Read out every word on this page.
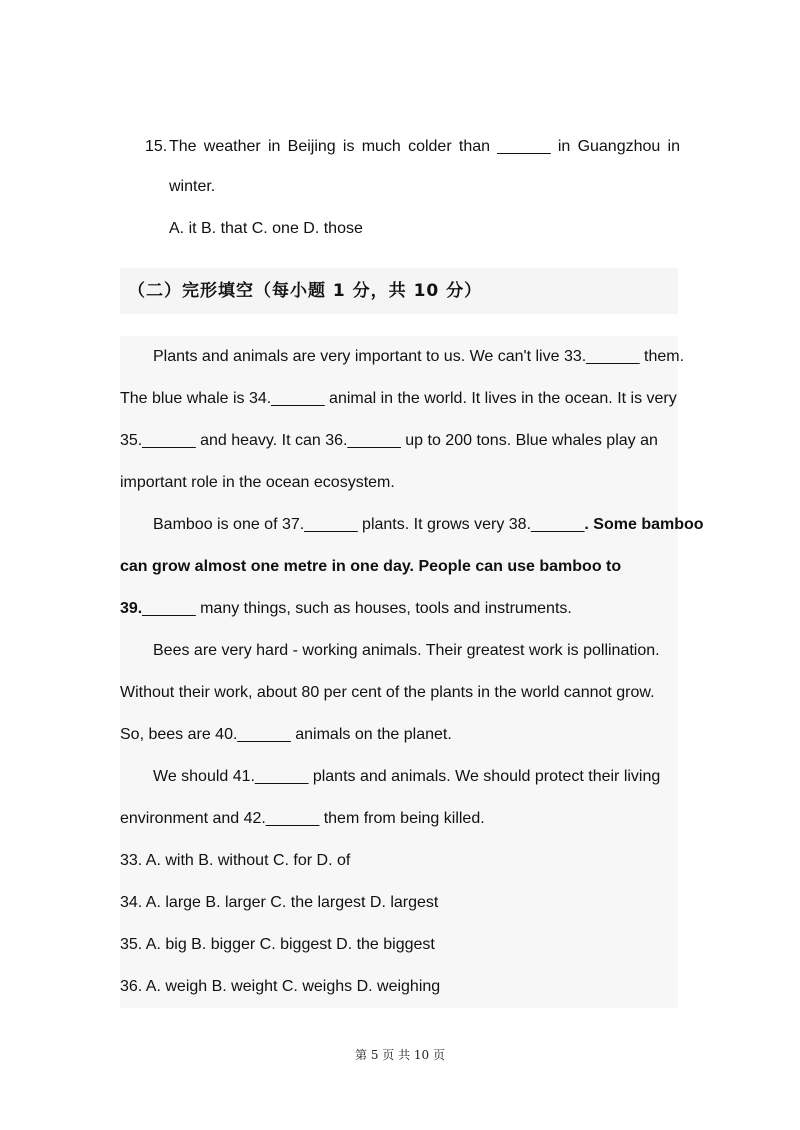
15. The weather in Beijing is much colder than ______ in Guangzhou in
winter.
A. it B. that C. one D. those
（二）完形填空（每小题 1 分，共 10 分）
Plants and animals are very important to us. We can't live 33.______ them.
The blue whale is 34.______ animal in the world. It lives in the ocean. It is very
35.______ and heavy. It can 36.______ up to 200 tons. Blue whales play an
important role in the ocean ecosystem.
Bamboo is one of 37.______ plants. It grows very 38.______. Some bamboo
can grow almost one metre in one day. People can use bamboo to
39.______ many things, such as houses, tools and instruments.
Bees are very hard - working animals. Their greatest work is pollination.
Without their work, about 80 per cent of the plants in the world cannot grow.
So, bees are 40.______ animals on the planet.
We should 41.______ plants and animals. We should protect their living
environment and 42.______ them from being killed.
33. A. with B. without C. for D. of
34. A. large B. larger C. the largest D. largest
35. A. big B. bigger C. biggest D. the biggest
36. A. weigh B. weight C. weighs D. weighing
第 5 页 共 10 页
